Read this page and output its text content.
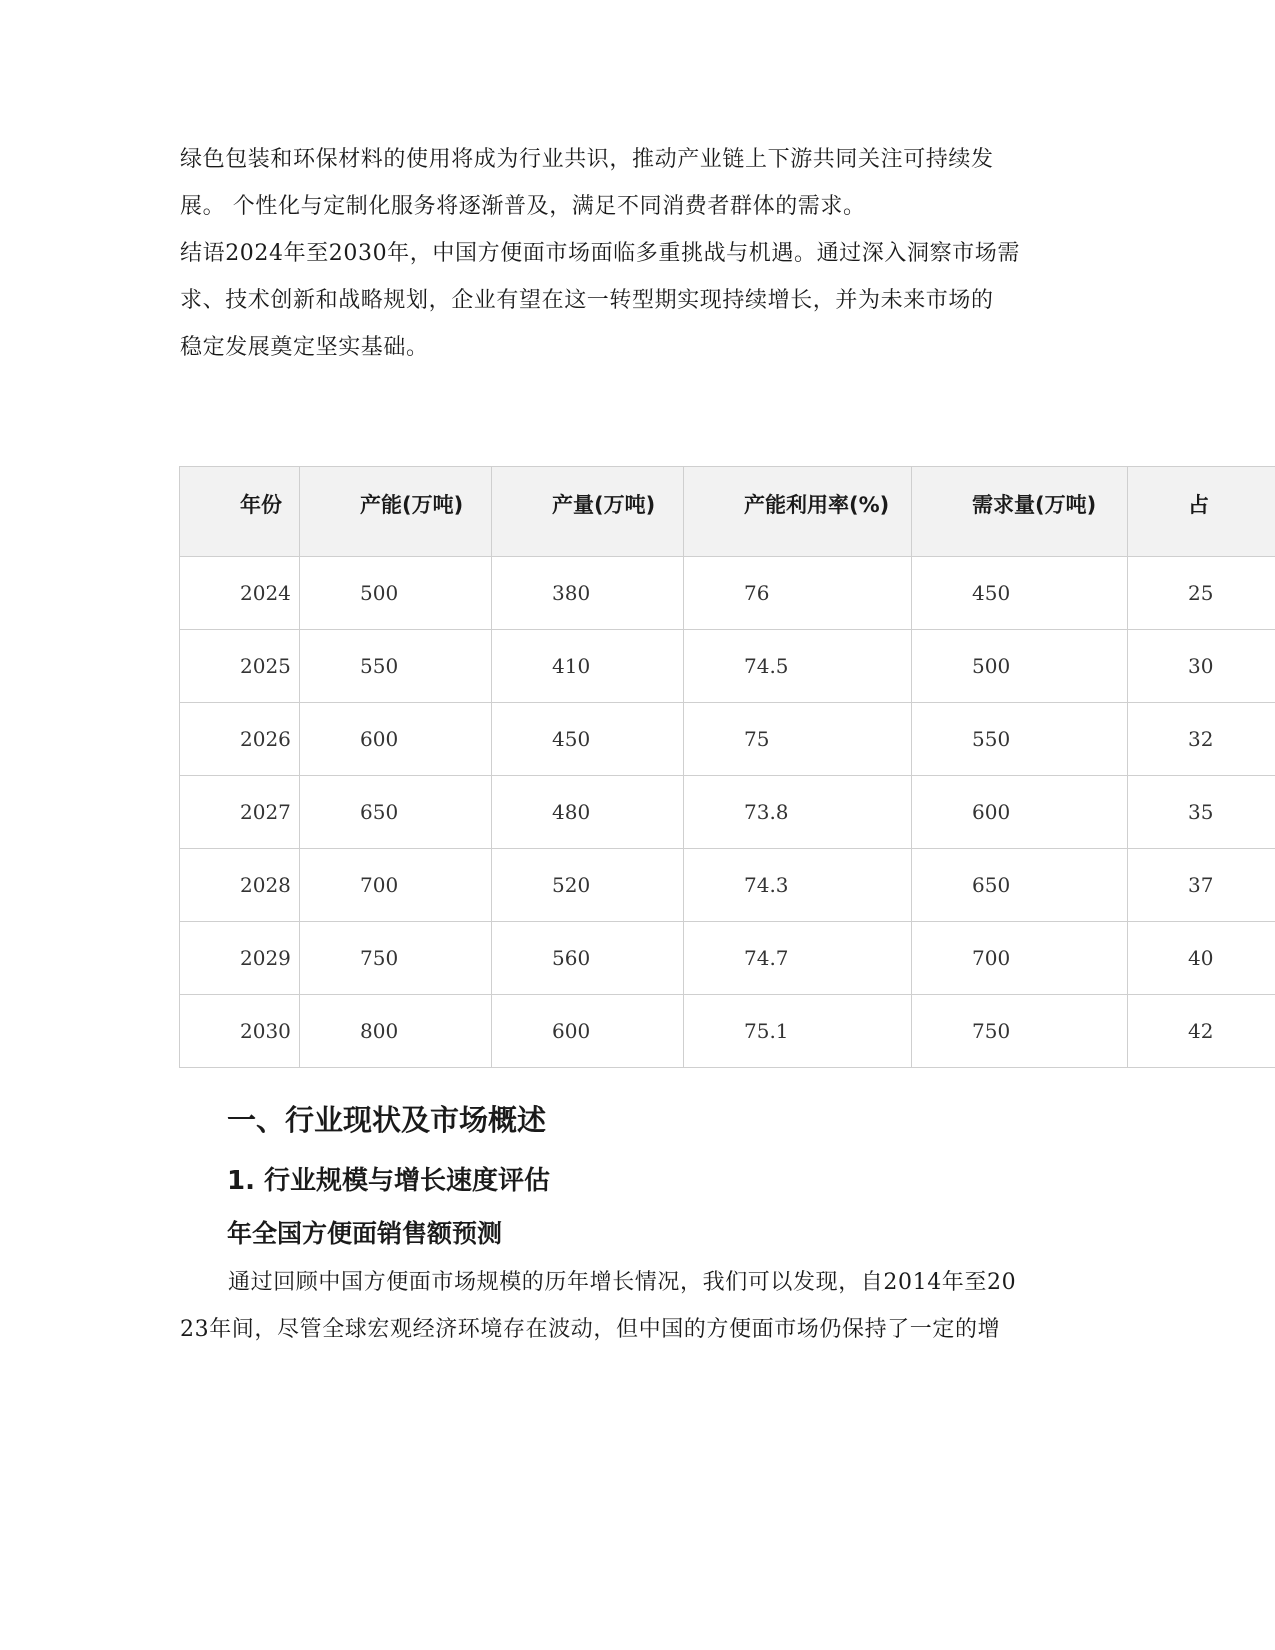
绿色包装和环保材料的使用将成为行业共识，推动产业链上下游共同关注可持续发
展。 个性化与定制化服务将逐渐普及，满足不同消费者群体的需求。
结语2024年至2030年，中国方便面市场面临多重挑战与机遇。通过深入洞察市场需
求、技术创新和战略规划，企业有望在这一转型期实现持续增长，并为未来市场的
稳定发展奠定坚实基础。
年份	产能(万吨)	产量(万吨)	产能利用率(%)	需求量(万吨)	占
2024	500	380	76	450	25
2025	550	410	74.5	500	30
2026	600	450	75	550	32
2027	650	480	73.8	600	35
2028	700	520	74.3	650	37
2029	750	560	74.7	700	40
2030	800	600	75.1	750	42
一、行业现状及市场概述
1. 行业规模与增长速度评估
年全国方便面销售额预测
通过回顾中国方便面市场规模的历年增长情况，我们可以发现，自2014年至20
23年间，尽管全球宏观经济环境存在波动，但中国的方便面市场仍保持了一定的增
